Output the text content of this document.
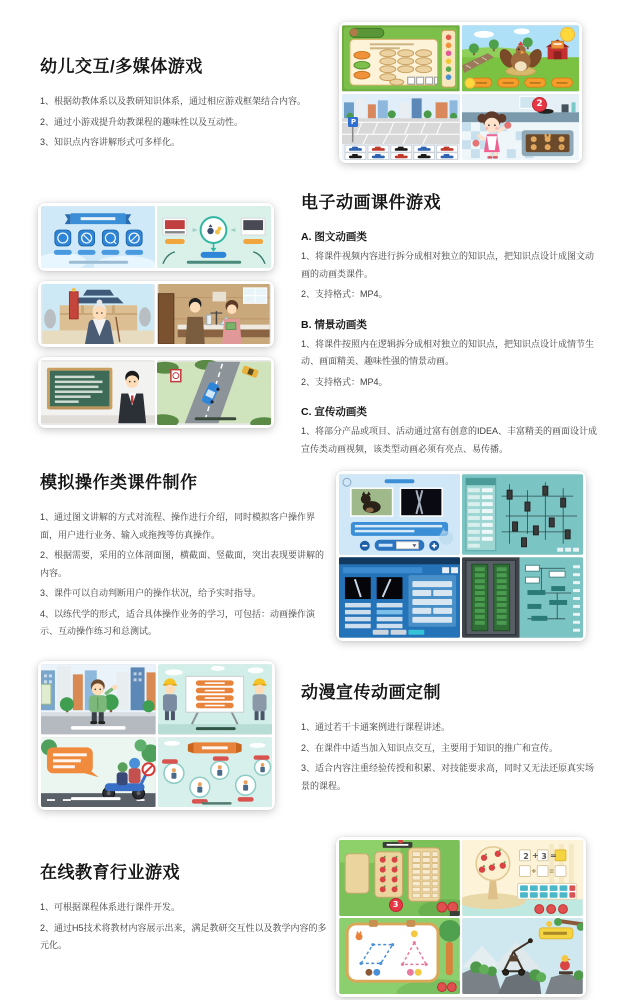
幼儿交互/多媒体游戏

1、根据幼教体系以及教研知识体系，通过相应游戏框架结合内容。

2、通过小游戏提升幼教课程的趣味性以及互动性。

3、知识点内容讲解形式可多样化。

P
2
电子动画课件游戏

A. 图文动画类

1、将课件视频内容进行拆分成相对独立的知识点，把知识点设计成图文动画的动画类课件。

2、支持格式：MP4。

B. 情景动画类

1、将课件按照内在逻辑拆分成相对独立的知识点，把知识点设计成情节生动、画面精美、趣味性强的情景动画。

2、支持格式：MP4。

C. 宣传动画类

1、将部分产品或项目、活动通过富有创意的IDEA、丰富精美的画面设计成宣传类动画视频，该类型动画必须有亮点、易传播。

模拟操作类课件制作

1、通过图文讲解的方式对流程、操作进行介绍，同时模拟客户操作界面，用户进行业务、输入或拖拽等仿真操作。

2、根据需要，采用的立体剖面图，横截面、竖截面，突出表现要讲解的内容。

3、课件可以自动判断用户的操作状况，给予实时指导。

4、以练代学的形式，适合具体操作业务的学习，可包括：动画操作演示、互动操作练习和总测试。

动漫宣传动画定制

1、通过若干卡通案例进行课程讲述。

2、在课件中适当加入知识点交互，主要用于知识的推广和宣传。

3、适合内容注重经验传授和积累、对技能要求高，同时又无法还原真实场景的课程。

在线教育行业游戏

1、可根据课程体系进行课件开发。

2、通过H5技术将教材内容展示出来，满足教研交互性以及教学内容的多元化。

3
2 + 3 =
